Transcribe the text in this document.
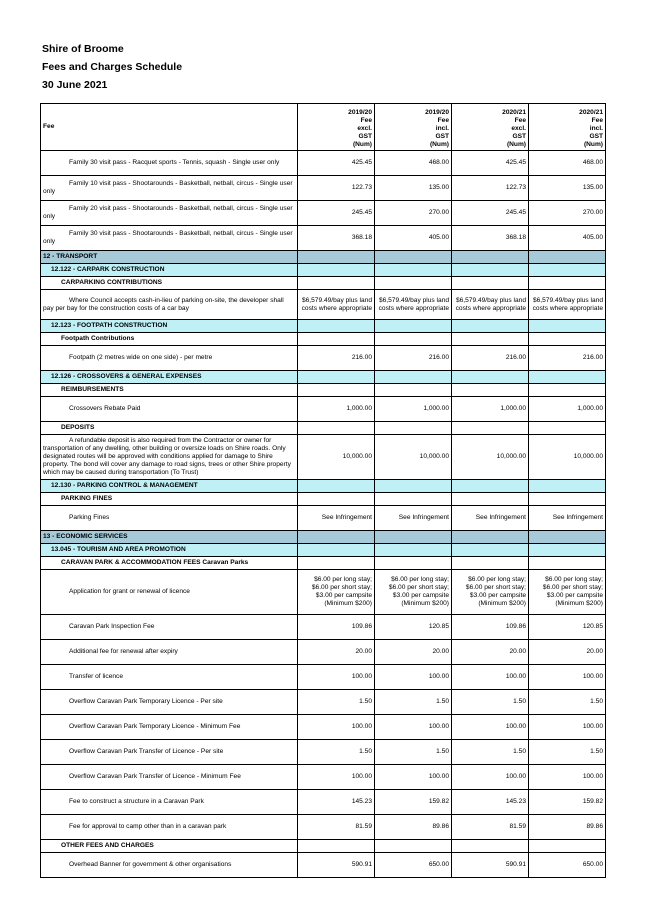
Shire of Broome
Fees and Charges Schedule
30 June 2021
Fee	2019/20
Fee
excl.
GST
(Num)	2019/20
Fee
incl.
GST
(Num)	2020/21
Fee
excl.
GST
(Num)	2020/21
Fee
incl.
GST
(Num)

Family 30 visit pass - Racquet sports - Tennis, squash - Single user only	425.45	468.00	425.45	468.00
Family 10 visit pass - Shootarounds - Basketball, netball, circus - Single user only	122.73	135.00	122.73	135.00
Family 20 visit pass - Shootarounds - Basketball, netball, circus - Single user only	245.45	270.00	245.45	270.00
Family 30 visit pass - Shootarounds - Basketball, netball, circus - Single user only	368.18	405.00	368.18	405.00
12 - TRANSPORT				
12.122 - CARPARK CONSTRUCTION				
CARPARKING CONTRIBUTIONS				
Where Council accepts cash-in-lieu of parking on-site, the developer shall pay per bay for the construction costs of a car bay	$6,579.49/bay plus land costs where appropriate	$6,579.49/bay plus land costs where appropriate	$6,579.49/bay plus land costs where appropriate	$6,579.49/bay plus land costs where appropriate
12.123 - FOOTPATH CONSTRUCTION				
Footpath Contributions				
Footpath (2 metres wide on one side) - per metre	216.00	216.00	216.00	216.00
12.126 - CROSSOVERS & GENERAL EXPENSES				
REIMBURSEMENTS				
Crossovers Rebate Paid	1,000.00	1,000.00	1,000.00	1,000.00
DEPOSITS				
A refundable deposit is also required from the Contractor or owner for transportation of any dwelling, other building or oversize loads on Shire roads. Only designated routes will be approved with conditions applied for damage to Shire property. The bond will cover any damage to road signs, trees or other Shire property which may be caused during transportation (To Trust)	10,000.00	10,000.00	10,000.00	10,000.00
12.130 - PARKING CONTROL & MANAGEMENT				
PARKING FINES				
Parking Fines	See Infringement	See Infringement	See Infringement	See Infringement
13 - ECONOMIC SERVICES				
13.045 - TOURISM AND AREA PROMOTION				
CARAVAN PARK & ACCOMMODATION FEES Caravan Parks				
Application for grant or renewal of licence	$6.00 per long stay; $6.00 per short stay; $3.00 per campsite (Minimum $200)	$6.00 per long stay; $6.00 per short stay; $3.00 per campsite (Minimum $200)	$6.00 per long stay; $6.00 per short stay; $3.00 per campsite (Minimum $200)	$6.00 per long stay; $6.00 per short stay; $3.00 per campsite (Minimum $200)
Caravan Park Inspection Fee	109.86	120.85	109.86	120.85
Additional fee for renewal after expiry	20.00	20.00	20.00	20.00
Transfer of licence	100.00	100.00	100.00	100.00
Overflow Caravan Park Temporary Licence - Per site	1.50	1.50	1.50	1.50
Overflow Caravan Park Temporary Licence - Minimum Fee	100.00	100.00	100.00	100.00
Overflow Caravan Park Transfer of Licence - Per site	1.50	1.50	1.50	1.50
Overflow Caravan Park Transfer of Licence - Minimum Fee	100.00	100.00	100.00	100.00
Fee to construct a structure in a Caravan Park	145.23	159.82	145.23	159.82
Fee for approval to camp other than in a caravan park	81.59	89.86	81.59	89.86
OTHER FEES AND CHARGES				
Overhead Banner for government & other organisations	590.91	650.00	590.91	650.00
